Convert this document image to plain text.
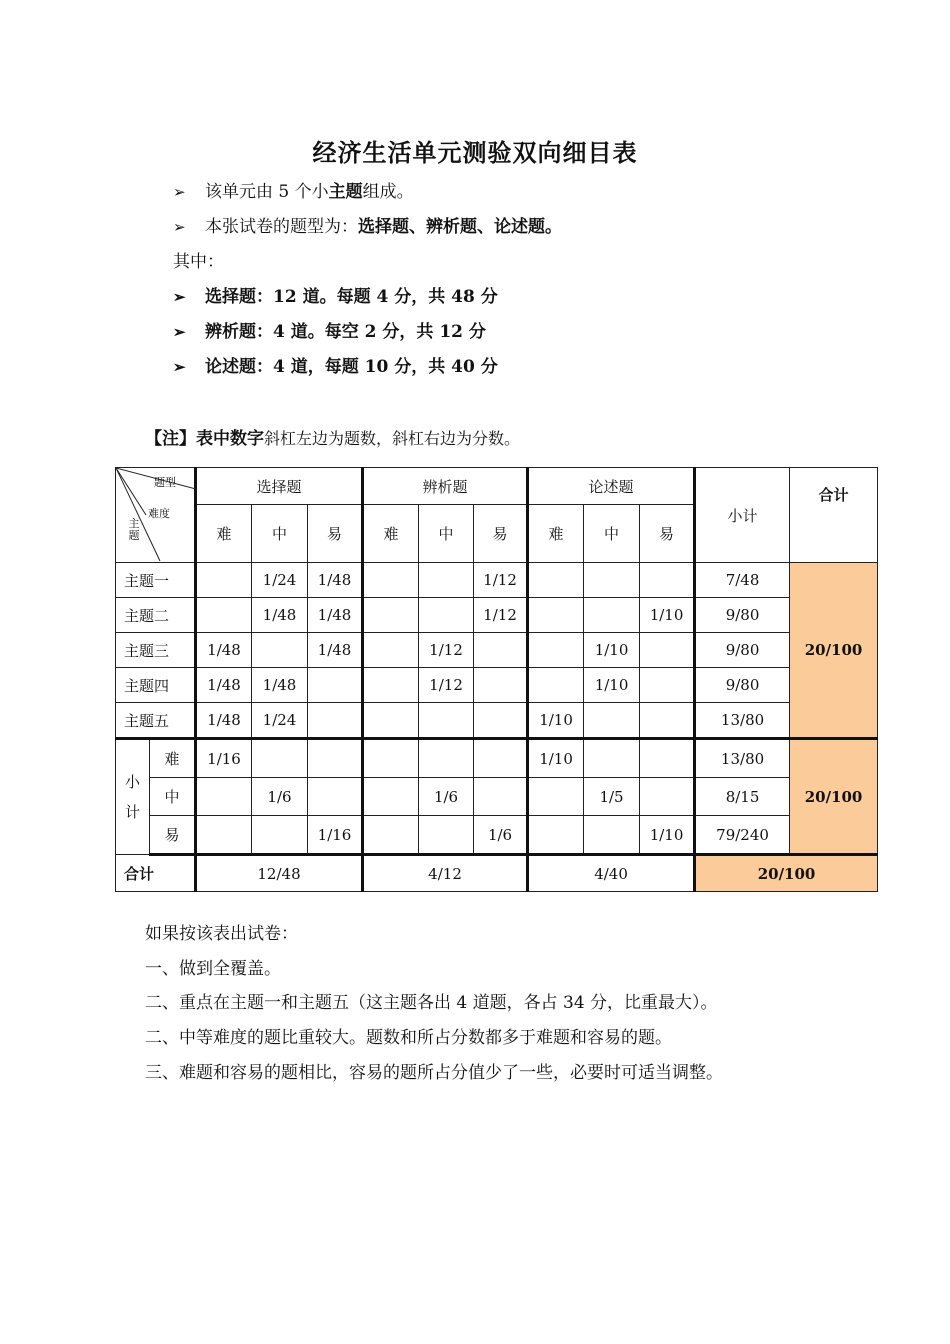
经济生活单元测验双向细目表
➢ 该单元由 5 个小主题组成。
➢ 本张试卷的题型为：选择题、辨析题、论述题。
其中：
➢ 选择题：12 道。每题 4 分，共 48 分
➢ 辨析题：4 道。每空 2 分，共 12 分
➢ 论述题：4 道，每题 10 分，共 40 分
【注】表中数字斜杠左边为题数，斜杠右边为分数。
题型
难度
主题		选择题			辨析题			论述题			小计	合计
		难	中	易	难	中	易	难	中	易		
主题一			1/24	1/48			1/12				7/48	20/100
主题二			1/48	1/48			1/12			1/10	9/80	
主题三		1/48		1/48		1/12			1/10		9/80	
主题四		1/48	1/48			1/12			1/10		9/80	
主题五		1/48	1/24					1/10			13/80	
小
计	难	1/16						1/10			13/80	20/100
	中		1/6			1/6			1/5		8/15	
	易			1/16			1/6			1/10	79/240	
合计		12/48			4/12			4/40			20/100	
如果按该表出试卷：
一、做到全覆盖。
二、重点在主题一和主题五（这主题各出 4 道题，各占 34 分，比重最大）。
二、中等难度的题比重较大。题数和所占分数都多于难题和容易的题。
三、难题和容易的题相比，容易的题所占分值少了一些，必要时可适当调整。
